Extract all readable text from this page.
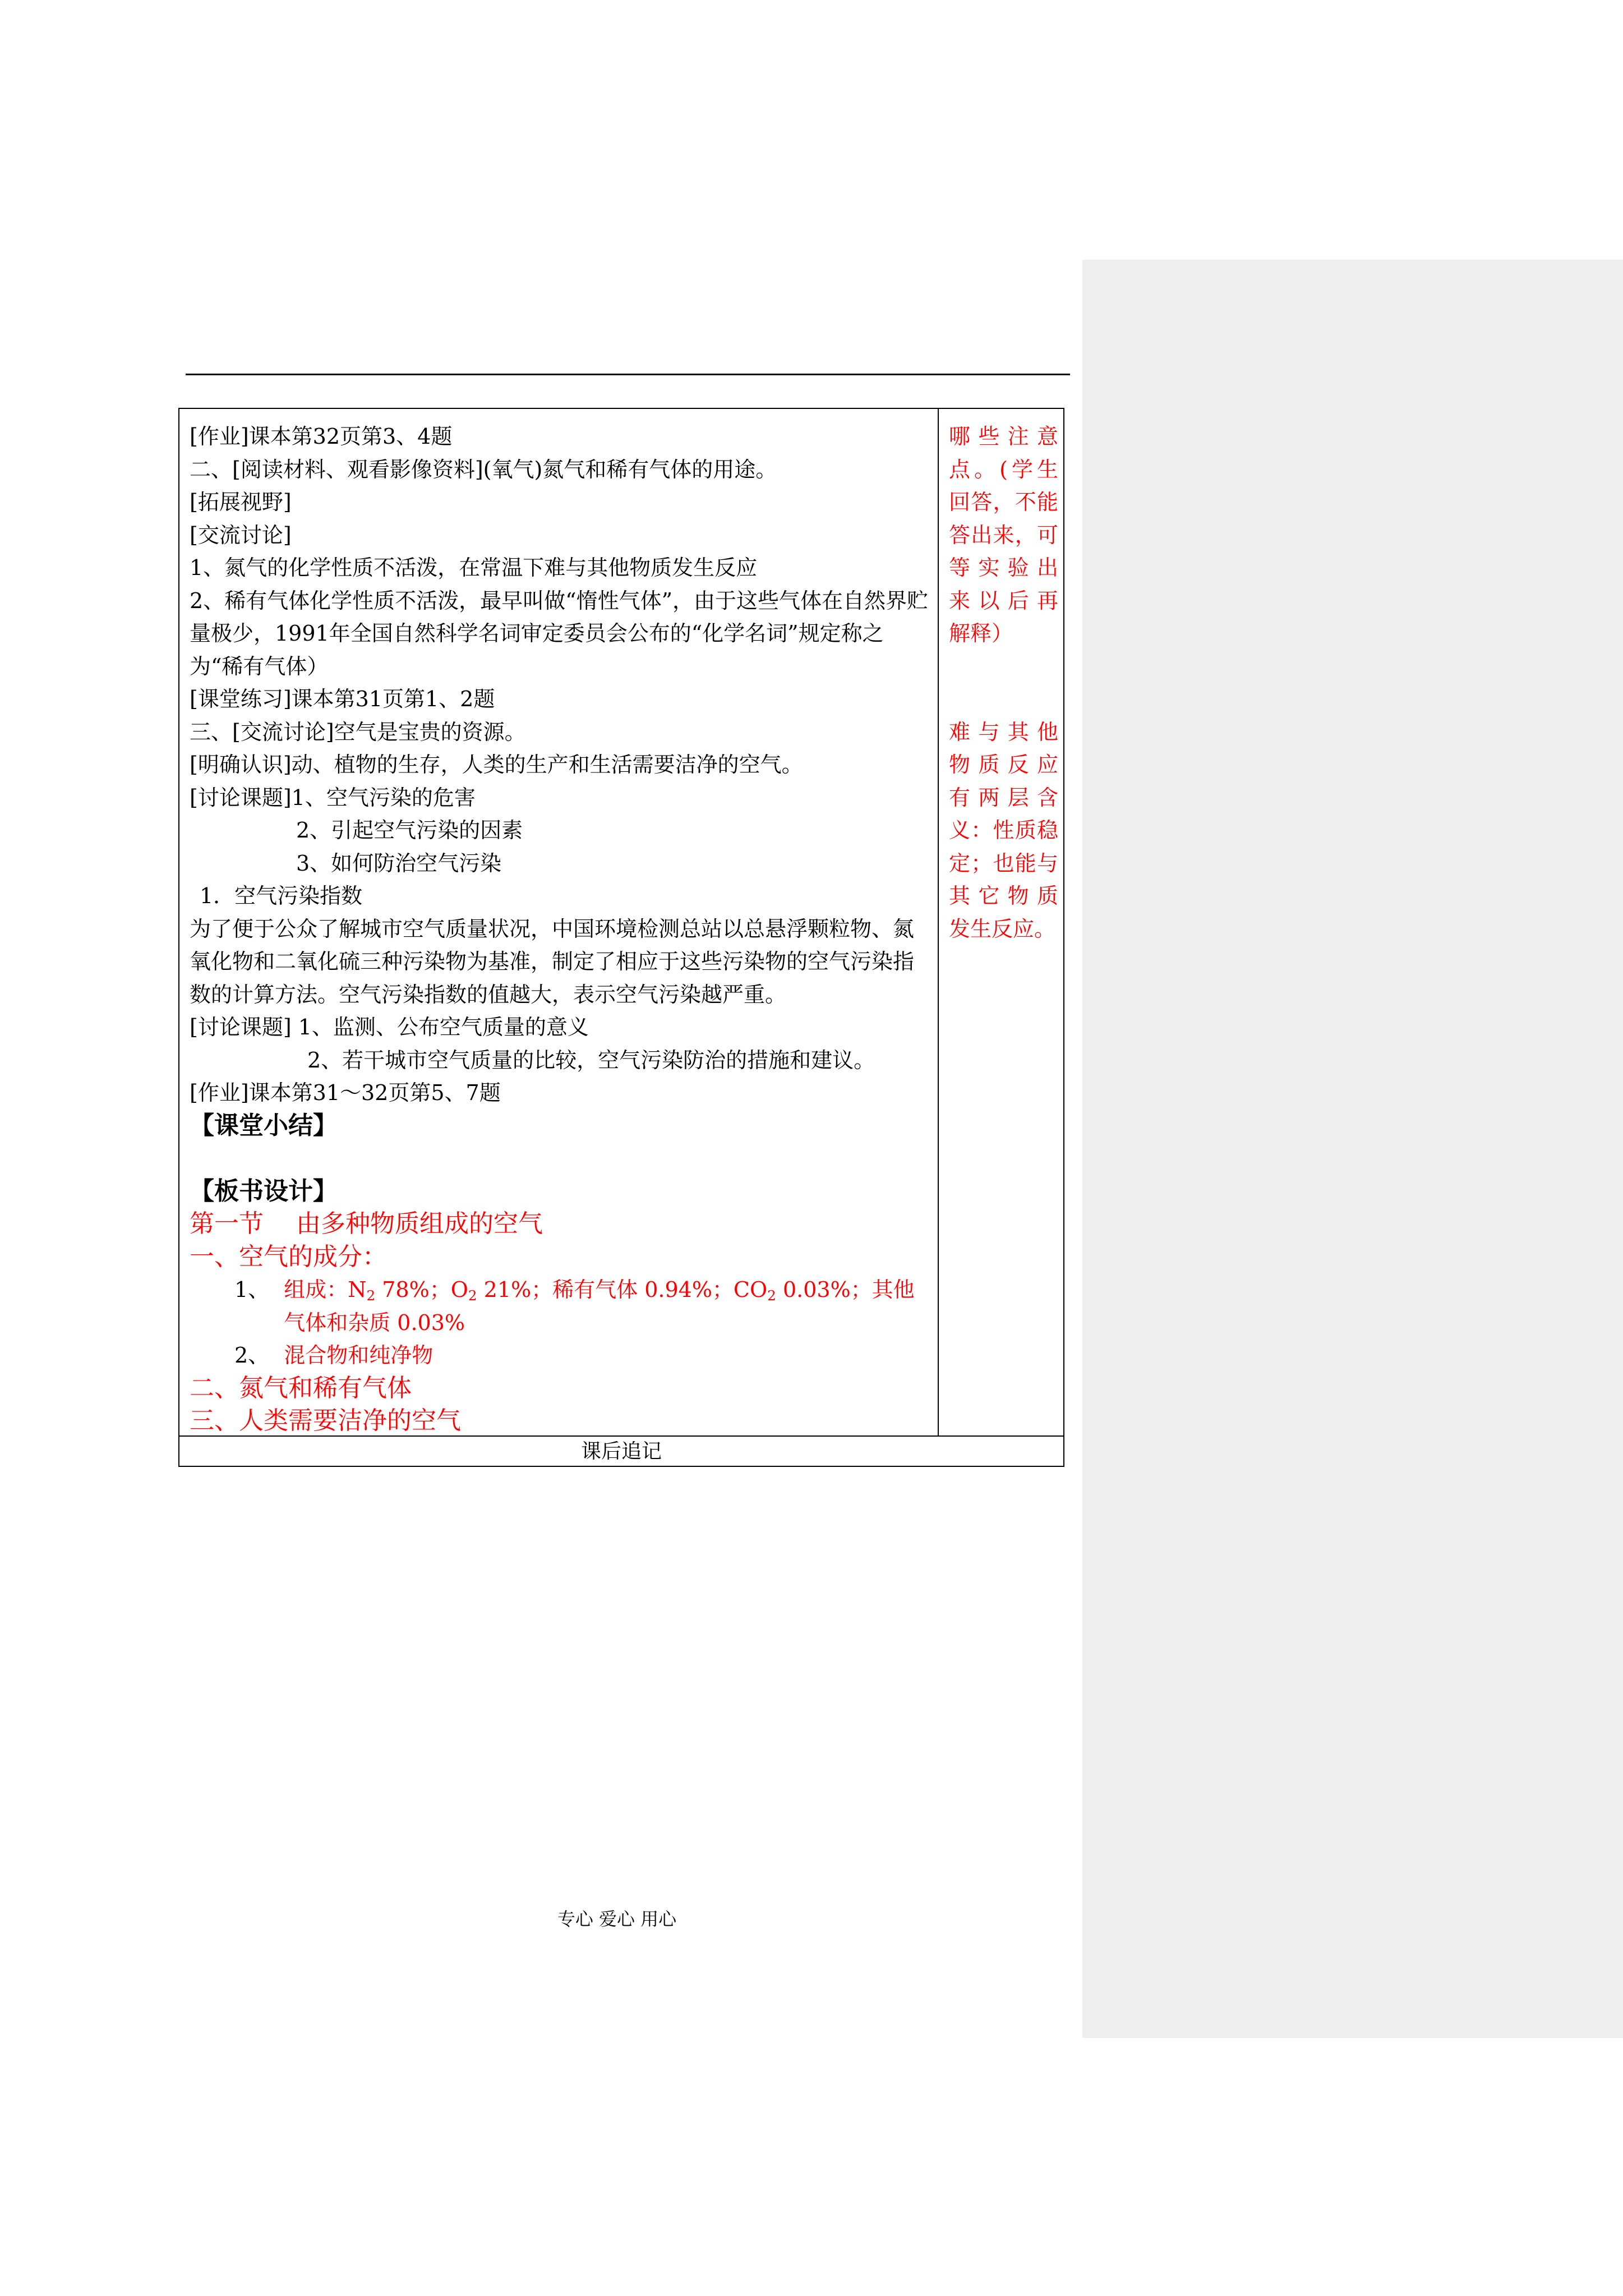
[作业]课本第32页第3、4题
二、[阅读材料、观看影像资料](氧气)氮气和稀有气体的用途。
[拓展视野]
[交流讨论]
1、氮气的化学性质不活泼，在常温下难与其他物质发生反应
2、稀有气体化学性质不活泼，最早叫做“惰性气体”，由于这些气体在自然界贮量极少，1991年全国自然科学名词审定委员会公布的“化学名词”规定称之为“稀有气体）
[课堂练习]课本第31页第1、2题
三、[交流讨论]空气是宝贵的资源。
[明确认识]动、植物的生存，人类的生产和生活需要洁净的空气。
[讨论课题]1、空气污染的危害
2、引起空气污染的因素
3、如何防治空气污染
1．空气污染指数
为了便于公众了解城市空气质量状况，中国环境检测总站以总悬浮颗粒物、氮氧化物和二氧化硫三种污染物为基准，制定了相应于这些污染物的空气污染指数的计算方法。空气污染指数的值越大，表示空气污染越严重。
[讨论课题] 1、监测、公布空气质量的意义
2、若干城市空气质量的比较，空气污染防治的措施和建议。
[作业]课本第31～32页第5、7题
【课堂小结】
【板书设计】
第一节　 由多种物质组成的空气
一、空气的成分：
1、 组成：$N_2$ 78%；$O_2$ 21%；稀有气体 0.94%；$CO_2$ 0.03%；其他气体和杂质 0.03%
2、 混合物和纯净物
二、氮气和稀有气体
三、人类需要洁净的空气
哪 些 注 意
点。(学生
回答，不能
答出来，可
等 实 验 出
来 以 后 再
解释）

难 与 其 他
物 质 反 应
有 两 层 含
义：性质稳
定；也能与
其 它 物 质
发生反应。
课后追记
专心 爱心 用心
